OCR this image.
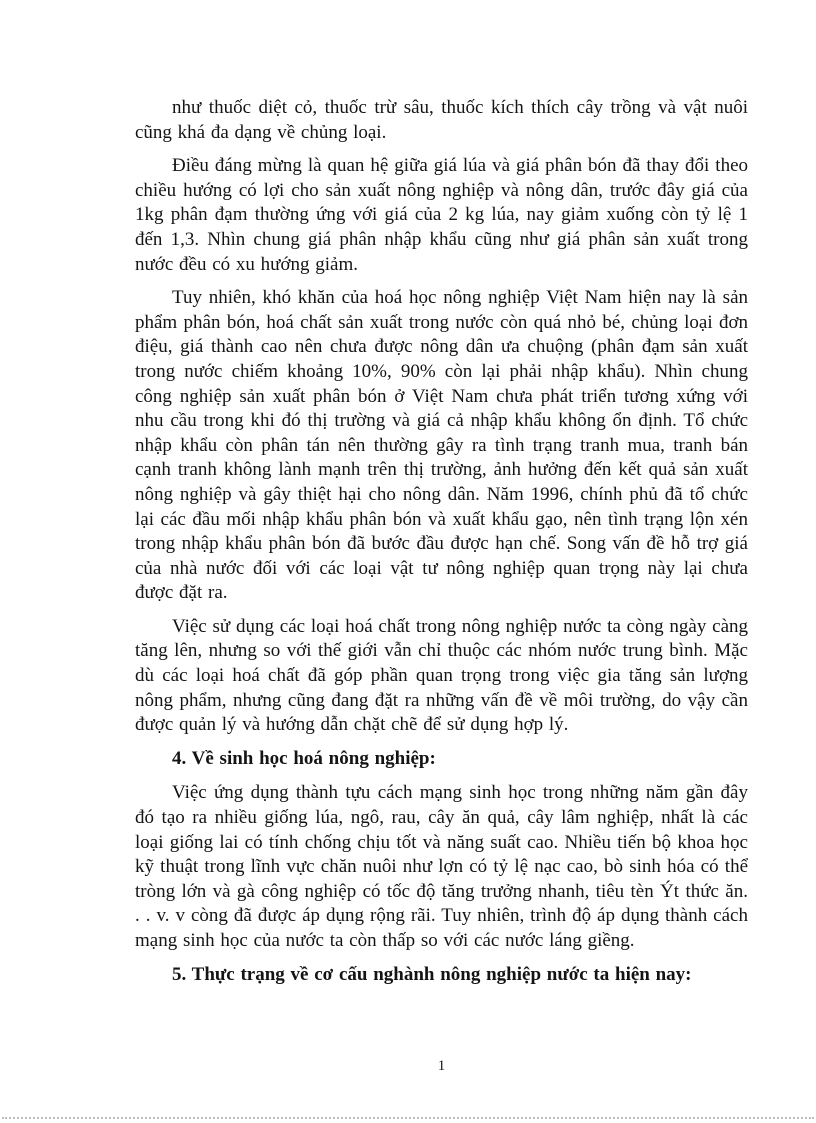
như thuốc diệt cỏ, thuốc trừ sâu, thuốc kích thích cây trồng và vật nuôi cũng khá đa dạng về chủng loại.

Điều đáng mừng là quan hệ giữa giá lúa và giá phân bón đã thay đổi theo chiều hướng có lợi cho sản xuất nông nghiệp và nông dân, trước đây giá của 1kg phân đạm thường ứng với giá của 2 kg lúa, nay giảm xuống còn tỷ lệ 1 đến 1,3. Nhìn chung giá phân nhập khẩu cũng như giá phân sản xuất trong nước đều có xu hướng giảm.

Tuy nhiên, khó khăn của hoá học nông nghiệp Việt Nam hiện nay là sản phẩm phân bón, hoá chất sản xuất trong nước còn quá nhỏ bé, chủng loại đơn điệu, giá thành cao nên chưa được nông dân ưa chuộng (phân đạm sản xuất trong nước chiếm khoảng 10%, 90% còn lại phải nhập khẩu). Nhìn chung công nghiệp sản xuất phân bón ở Việt Nam chưa phát triển tương xứng với nhu cầu trong khi đó thị trường và giá cả nhập khẩu không ổn định. Tổ chức nhập khẩu còn phân tán nên thường gây ra tình trạng tranh mua, tranh bán cạnh tranh không lành mạnh trên thị trường, ảnh hưởng đến kết quả sản xuất nông nghiệp và gây thiệt hại cho nông dân. Năm 1996, chính phủ đã tổ chức lại các đầu mối nhập khẩu phân bón và xuất khẩu gạo, nên tình trạng lộn xén trong nhập khẩu phân bón đã bước đầu được hạn chế. Song vấn đề hỗ trợ giá của nhà nước đối với các loại vật tư nông nghiệp quan trọng này lại chưa được đặt ra.

Việc sử dụng các loại hoá chất trong nông nghiệp nước ta còng ngày càng tăng lên, nhưng so với thế giới vẫn chỉ thuộc các nhóm nước trung bình. Mặc dù các loại hoá chất đã góp phần quan trọng trong việc gia tăng sản lượng nông phẩm, nhưng cũng đang đặt ra những vấn đề về môi trường, do vậy cần được quản lý và hướng dẫn chặt chẽ để sử dụng hợp lý.

4. Về sinh học hoá nông nghiệp:

Việc ứng dụng thành tựu cách mạng sinh học trong những năm gần đây đó tạo ra nhiều giống lúa, ngô, rau, cây ăn quả, cây lâm nghiệp, nhất là các loại giống lai có tính chống chịu tốt và năng suất cao. Nhiều tiến bộ khoa học kỹ thuật trong lĩnh vực chăn nuôi như lợn có tỷ lệ nạc cao, bò sinh hóa có thể tròng lớn và gà công nghiệp có tốc độ tăng trưởng nhanh, tiêu tèn Ýt thức ăn. . . v. v còng đã được áp dụng rộng rãi. Tuy nhiên, trình độ áp dụng thành cách mạng sinh học của nước ta còn thấp so với các nước láng giềng.

5. Thực trạng về cơ cấu nghành nông nghiệp nước ta hiện nay:

1
